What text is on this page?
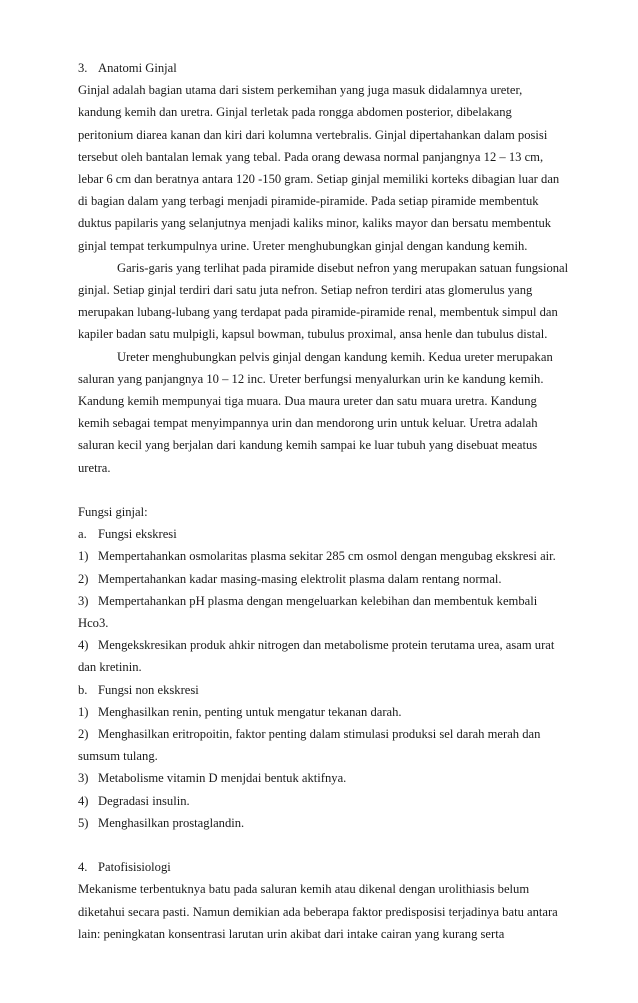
3. Anatomi Ginjal
Ginjal adalah bagian utama dari sistem perkemihan yang juga masuk didalamnya ureter,
kandung kemih dan uretra. Ginjal terletak pada rongga abdomen posterior, dibelakang
peritonium diarea kanan dan kiri dari kolumna vertebralis. Ginjal dipertahankan dalam posisi
tersebut oleh bantalan lemak yang tebal. Pada orang dewasa normal panjangnya 12 – 13 cm,
lebar 6 cm dan beratnya antara 120 -150 gram. Setiap ginjal memiliki korteks dibagian luar dan
di bagian dalam yang terbagi menjadi piramide-piramide. Pada setiap piramide membentuk
duktus papilaris yang selanjutnya menjadi kaliks minor, kaliks mayor dan bersatu membentuk
ginjal tempat terkumpulnya urine. Ureter menghubungkan ginjal dengan kandung kemih.
Garis-garis yang terlihat pada piramide disebut nefron yang merupakan satuan fungsional
ginjal. Setiap ginjal terdiri dari satu juta nefron. Setiap nefron terdiri atas glomerulus yang
merupakan lubang-lubang yang terdapat pada piramide-piramide renal, membentuk simpul dan
kapiler badan satu mulpigli, kapsul bowman, tubulus proximal, ansa henle dan tubulus distal.
Ureter menghubungkan pelvis ginjal dengan kandung kemih. Kedua ureter merupakan
saluran yang panjangnya 10 – 12 inc. Ureter berfungsi menyalurkan urin ke kandung kemih.
Kandung kemih mempunyai tiga muara. Dua maura ureter dan satu muara uretra. Kandung
kemih sebagai tempat menyimpannya urin dan mendorong urin untuk keluar. Uretra adalah
saluran kecil yang berjalan dari kandung kemih sampai ke luar tubuh yang disebuat meatus
uretra.
Fungsi ginjal:
a. Fungsi ekskresi
1) Mempertahankan osmolaritas plasma sekitar 285 cm osmol dengan mengubag ekskresi air.
2) Mempertahankan kadar masing-masing elektrolit plasma dalam rentang normal.
3) Mempertahankan pH plasma dengan mengeluarkan kelebihan dan membentuk kembali
Hco3.
4) Mengekskresikan produk ahkir nitrogen dan metabolisme protein terutama urea, asam urat
dan kretinin.
b. Fungsi non ekskresi
1) Menghasilkan renin, penting untuk mengatur tekanan darah.
2) Menghasilkan eritropoitin, faktor penting dalam stimulasi produksi sel darah merah dan
sumsum tulang.
3) Metabolisme vitamin D menjdai bentuk aktifnya.
4) Degradasi insulin.
5) Menghasilkan prostaglandin.
4. Patofisisiologi
Mekanisme terbentuknya batu pada saluran kemih atau dikenal dengan urolithiasis belum
diketahui secara pasti. Namun demikian ada beberapa faktor predisposisi terjadinya batu antara
lain: peningkatan konsentrasi larutan urin akibat dari intake cairan yang kurang serta
